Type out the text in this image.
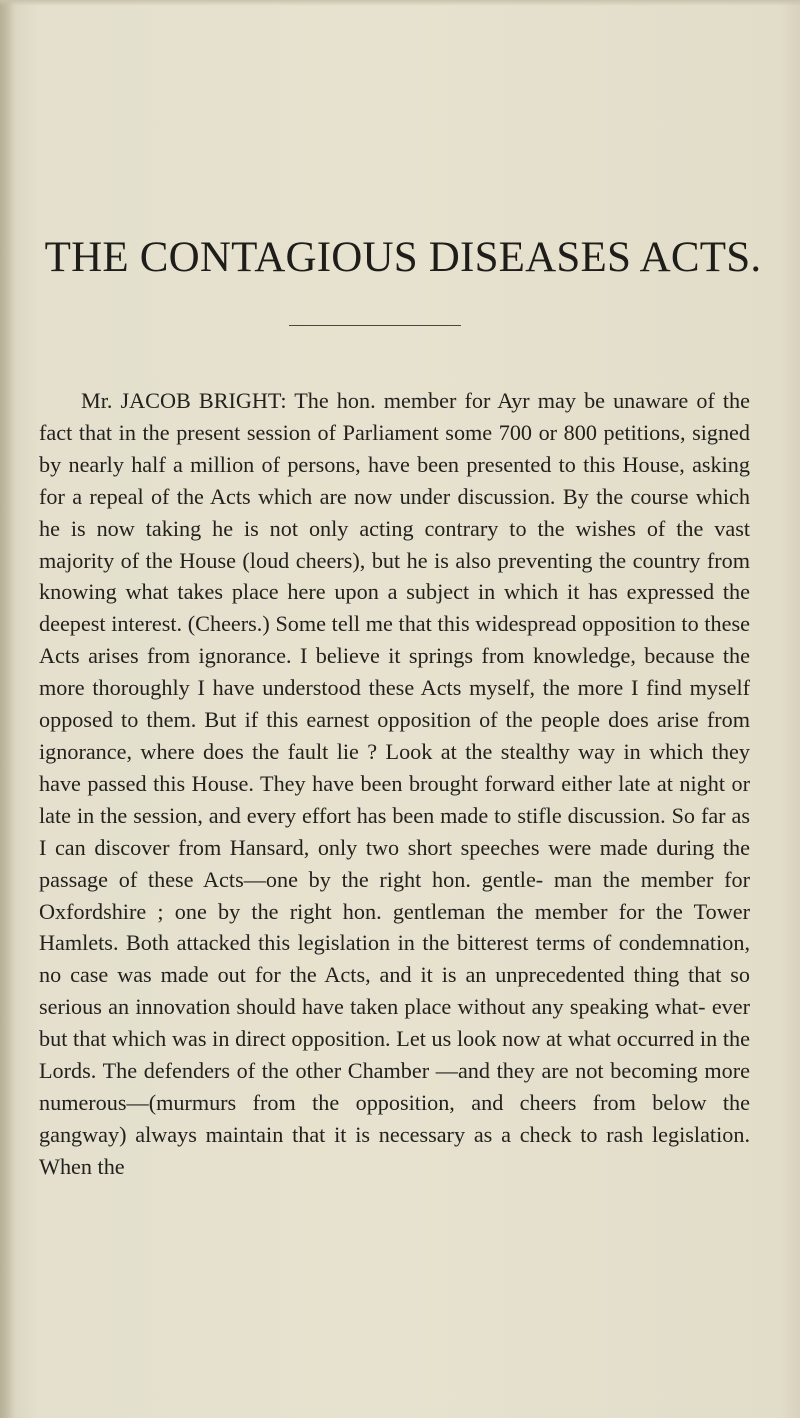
THE CONTAGIOUS DISEASES ACTS.

Mr. JACOB BRIGHT: The hon. member for Ayr may be unaware of the fact that in the present session of Parliament some 700 or 800 petitions, signed by nearly half a million of persons, have been presented to this House, asking for a repeal of the Acts which are now under discussion. By the course which he is now taking he is not only acting contrary to the wishes of the vast majority of the House (loud cheers), but he is also preventing the country from knowing what takes place here upon a subject in which it has expressed the deepest interest. (Cheers.) Some tell me that this widespread opposition to these Acts arises from ignorance. I believe it springs from knowledge, because the more thoroughly I have understood these Acts myself, the more I find myself opposed to them. But if this earnest opposition of the people does arise from ignorance, where does the fault lie ? Look at the stealthy way in which they have passed this House. They have been brought forward either late at night or late in the session, and every effort has been made to stifle discussion. So far as I can discover from Hansard, only two short speeches were made during the passage of these Acts—one by the right hon. gentle- man the member for Oxfordshire ; one by the right hon. gentleman the member for the Tower Hamlets. Both attacked this legislation in the bitterest terms of condemnation, no case was made out for the Acts, and it is an unprecedented thing that so serious an innovation should have taken place without any speaking what- ever but that which was in direct opposition. Let us look now at what occurred in the Lords. The defenders of the other Chamber —and they are not becoming more numerous—(murmurs from the opposition, and cheers from below the gangway) always maintain that it is necessary as a check to rash legislation. When the
